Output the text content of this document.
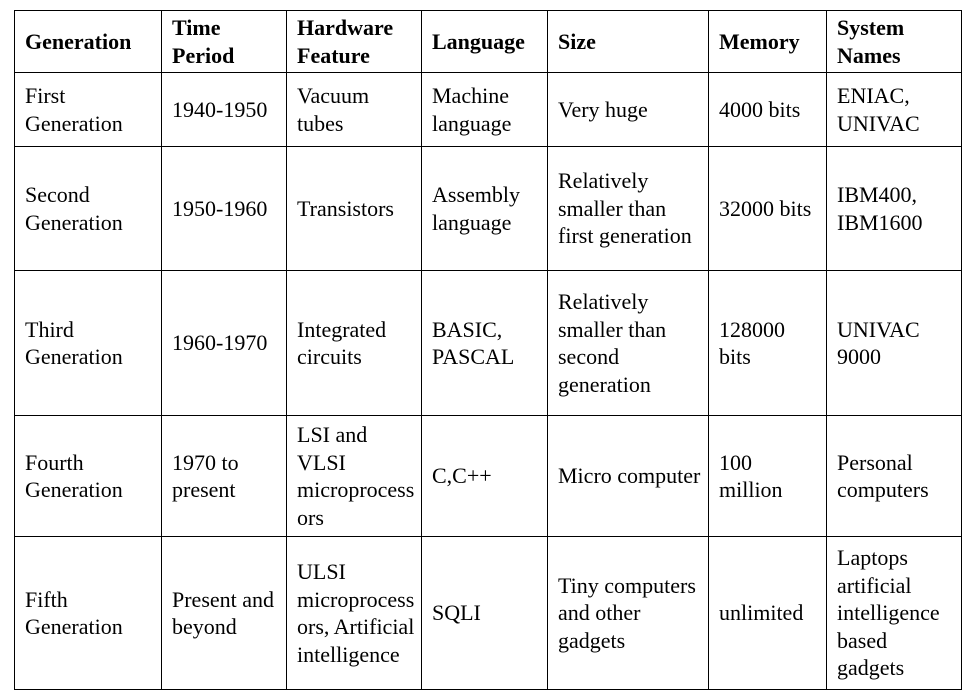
Generation	Time Period	Hardware Feature	Language	Size	Memory	System Names
First Generation	1940-1950	Vacuum tubes	Machine language	Very huge	4000 bits	ENIAC, UNIVAC
Second Generation	1950-1960	Transistors	Assembly language	Relatively smaller than first generation	32000 bits	IBM400, IBM1600
Third Generation	1960-1970	Integrated circuits	BASIC, PASCAL	Relatively smaller than second generation	128000 bits	UNIVAC 9000
Fourth Generation	1970 to present	LSI and VLSI microprocessors	C,C++	Micro computer	100 million	Personal computers
Fifth Generation	Present and beyond	ULSI microprocessors, Artificial intelligence	SQLI	Tiny computers and other gadgets	unlimited	Laptops artificial intelligence based gadgets
